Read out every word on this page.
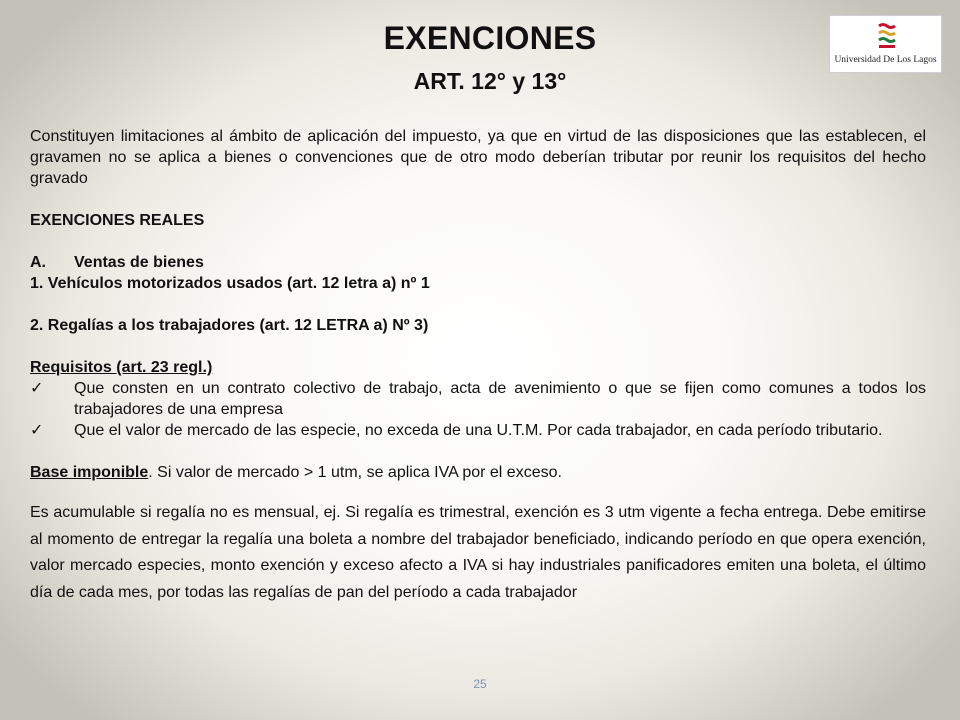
EXENCIONES
ART. 12° y 13°
Universidad De Los Lagos

Constituyen limitaciones al ámbito de aplicación del impuesto, ya que en virtud de las disposiciones que las establecen, el gravamen no se aplica a bienes o convenciones que de otro modo deberían tributar por reunir los requisitos del hecho gravado

EXENCIONES REALES

A. Ventas de bienes

1. Vehículos motorizados usados (art. 12 letra a) nº 1

2. Regalías a los trabajadores (art. 12 LETRA a) Nº 3)

Requisitos (art. 23 regl.)

✓ Que consten en un contrato colectivo de trabajo, acta de avenimiento o que se fijen como comunes a todos los trabajadores de una empresa

✓ Que el valor de mercado de las especie, no exceda de una U.T.M. Por cada trabajador, en cada período tributario.

Base imponible. Si valor de mercado > 1 utm, se aplica IVA por el exceso.

Es acumulable si regalía no es mensual, ej. Si regalía es trimestral, exención es 3 utm vigente a fecha entrega. Debe emitirse al momento de entregar la regalía una boleta a nombre del trabajador beneficiado, indicando período en que opera exención, valor mercado especies, monto exención y exceso afecto a IVA si hay industriales panificadores emiten una boleta, el último día de cada mes, por todas las regalías de pan del período a cada trabajador

25
